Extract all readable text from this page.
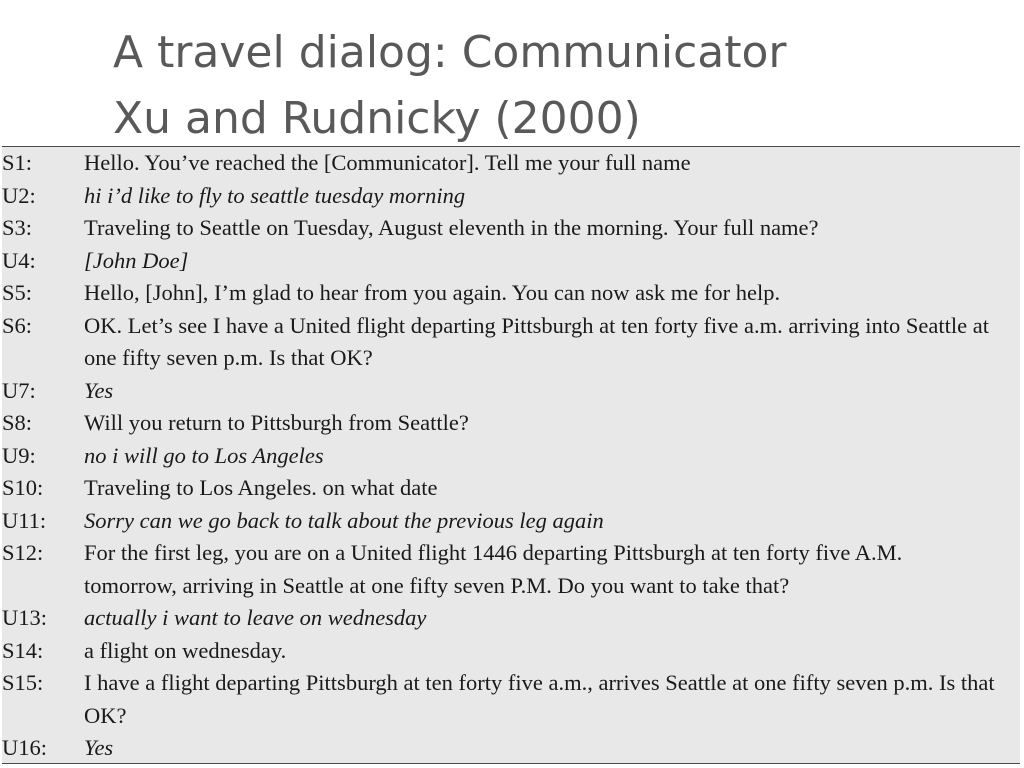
A travel dialog: Communicator
Xu and Rudnicky (2000)
S1:	Hello. You’ve reached the [Communicator]. Tell me your full name
U2:	hi i’d like to fly to seattle tuesday morning
S3:	Traveling to Seattle on Tuesday, August eleventh in the morning. Your full name?
U4:	[John Doe]
S5:	Hello, [John], I’m glad to hear from you again. You can now ask me for help.
S6:	OK. Let’s see I have a United flight departing Pittsburgh at ten forty five a.m. arriving into Seattle at one fifty seven p.m. Is that OK?
U7:	Yes
S8:	Will you return to Pittsburgh from Seattle?
U9:	no i will go to Los Angeles
S10:	Traveling to Los Angeles. on what date
U11:	Sorry can we go back to talk about the previous leg again
S12:	For the first leg, you are on a United flight 1446 departing Pittsburgh at ten forty five A.M. tomorrow, arriving in Seattle at one fifty seven P.M. Do you want to take that?
U13:	actually i want to leave on wednesday
S14:	a flight on wednesday.
S15:	I have a flight departing Pittsburgh at ten forty five a.m., arrives Seattle at one fifty seven p.m. Is that OK?
U16:	Yes
